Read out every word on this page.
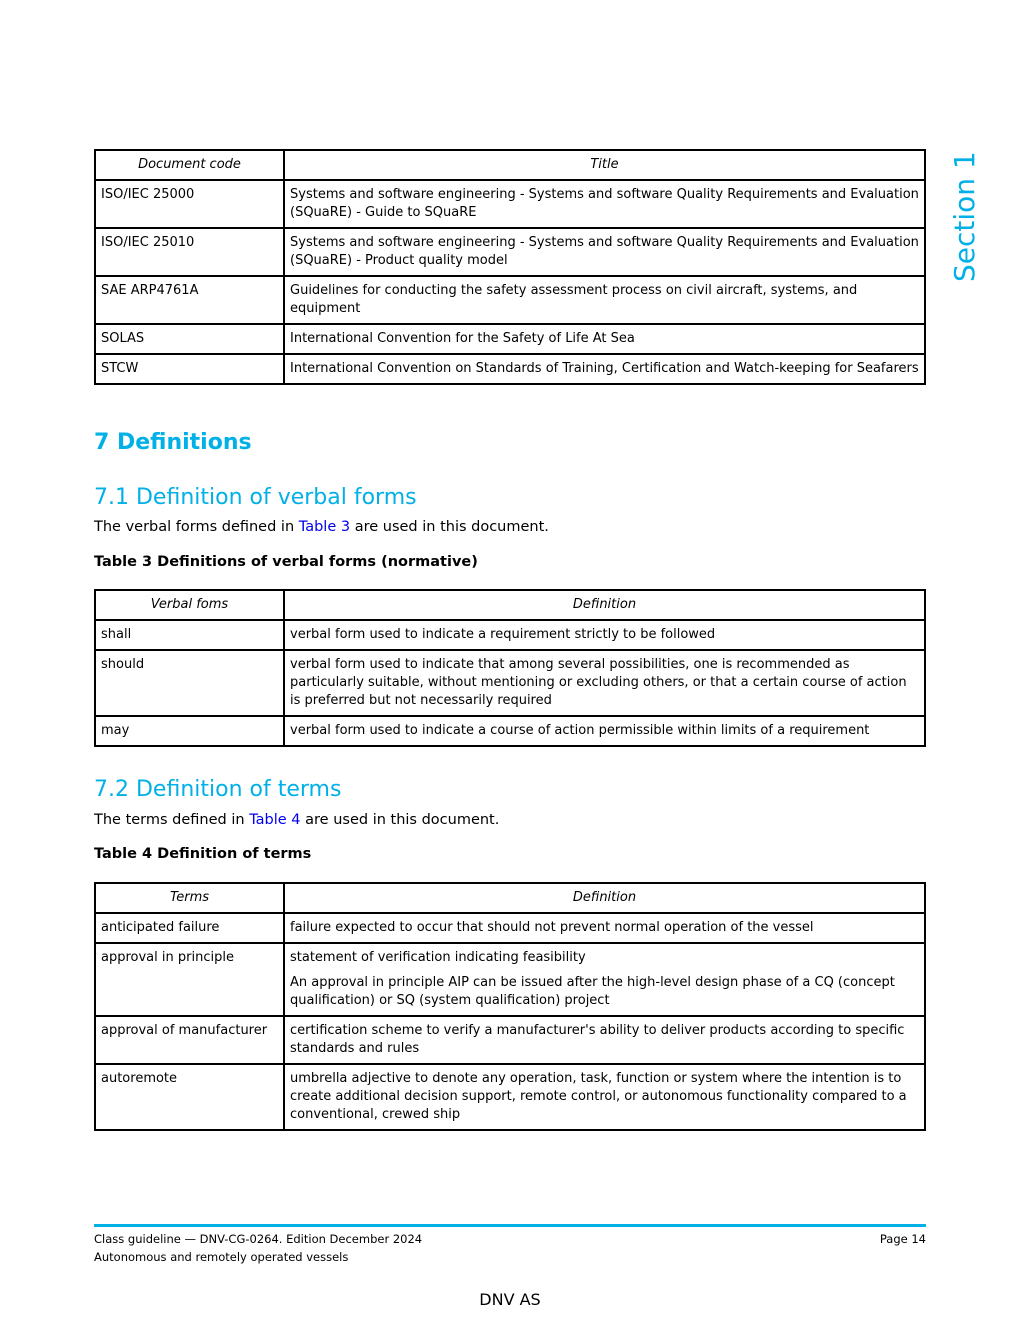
Section 1
Document code	Title
ISO/IEC 25000	Systems and software engineering - Systems and software Quality Requirements and Evaluation (SQuaRE) - Guide to SQuaRE
ISO/IEC 25010	Systems and software engineering - Systems and software Quality Requirements and Evaluation (SQuaRE) - Product quality model
SAE ARP4761A	Guidelines for conducting the safety assessment process on civil aircraft, systems, and equipment
SOLAS	International Convention for the Safety of Life At Sea
STCW	International Convention on Standards of Training, Certification and Watch-keeping for Seafarers
7 Definitions
7.1 Definition of verbal forms

The verbal forms defined in Table 3 are used in this document.

Table 3 Definitions of verbal forms (normative)

Verbal foms	Definition
shall	verbal form used to indicate a requirement strictly to be followed
should	verbal form used to indicate that among several possibilities, one is recommended as particularly suitable, without mentioning or excluding others, or that a certain course of action is preferred but not necessarily required
may	verbal form used to indicate a course of action permissible within limits of a requirement
7.2 Definition of terms

The terms defined in Table 4 are used in this document.

Table 4 Definition of terms

Terms	Definition
anticipated failure	failure expected to occur that should not prevent normal operation of the vessel
approval in principle	statement of verification indicating feasibility

An approval in principle AIP can be issued after the high-level design phase of a CQ (concept qualification) or SQ (system qualification) project

approval of manufacturer	certification scheme to verify a manufacturer's ability to deliver products according to specific standards and rules
autoremote	umbrella adjective to denote any operation, task, function or system where the intention is to create additional decision support, remote control, or autonomous functionality compared to a conventional, crewed ship
Class guideline — DNV-CG-0264. Edition December 2024
Autonomous and remotely operated vessels
Page 14
DNV AS
